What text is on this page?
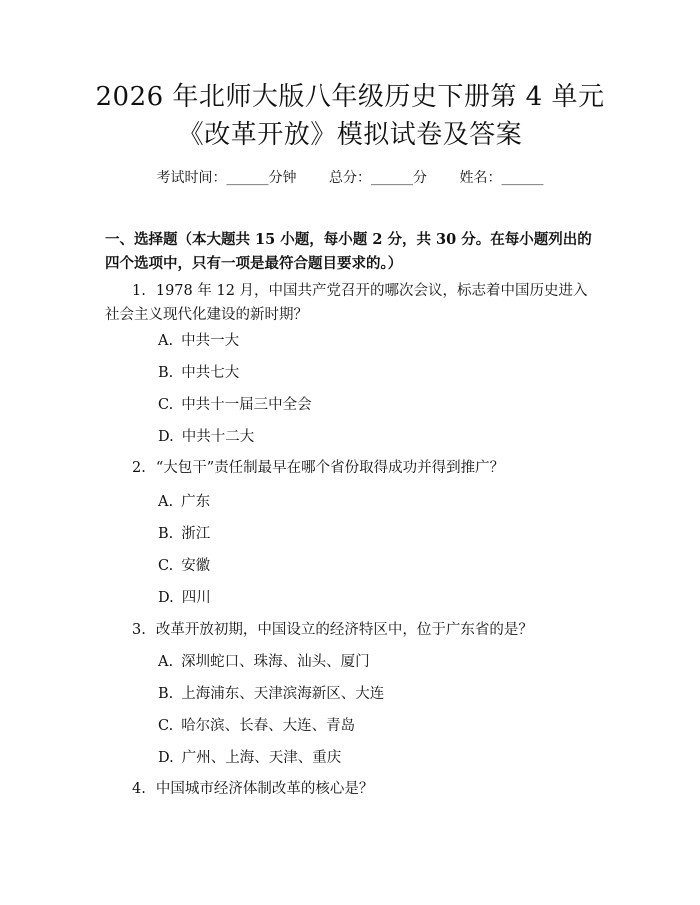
2026 年北师大版八年级历史下册第 4 单元
《改革开放》模拟试卷及答案
考试时间：______分钟 总分：______分 姓名：______
一、选择题（本大题共 15 小题，每小题 2 分，共 30 分。在每小题列出的四个选项中，只有一项是最符合题目要求的。）
1. 1978 年 12 月，中国共产党召开的哪次会议，标志着中国历史进入社会主义现代化建设的新时期？
A. 中共一大
B. 中共七大
C. 中共十一届三中全会
D. 中共十二大
2. “大包干”责任制最早在哪个省份取得成功并得到推广？
A. 广东
B. 浙江
C. 安徽
D. 四川
3. 改革开放初期，中国设立的经济特区中，位于广东省的是？
A. 深圳蛇口、珠海、汕头、厦门
B. 上海浦东、天津滨海新区、大连
C. 哈尔滨、长春、大连、青岛
D. 广州、上海、天津、重庆
4. 中国城市经济体制改革的核心是？
